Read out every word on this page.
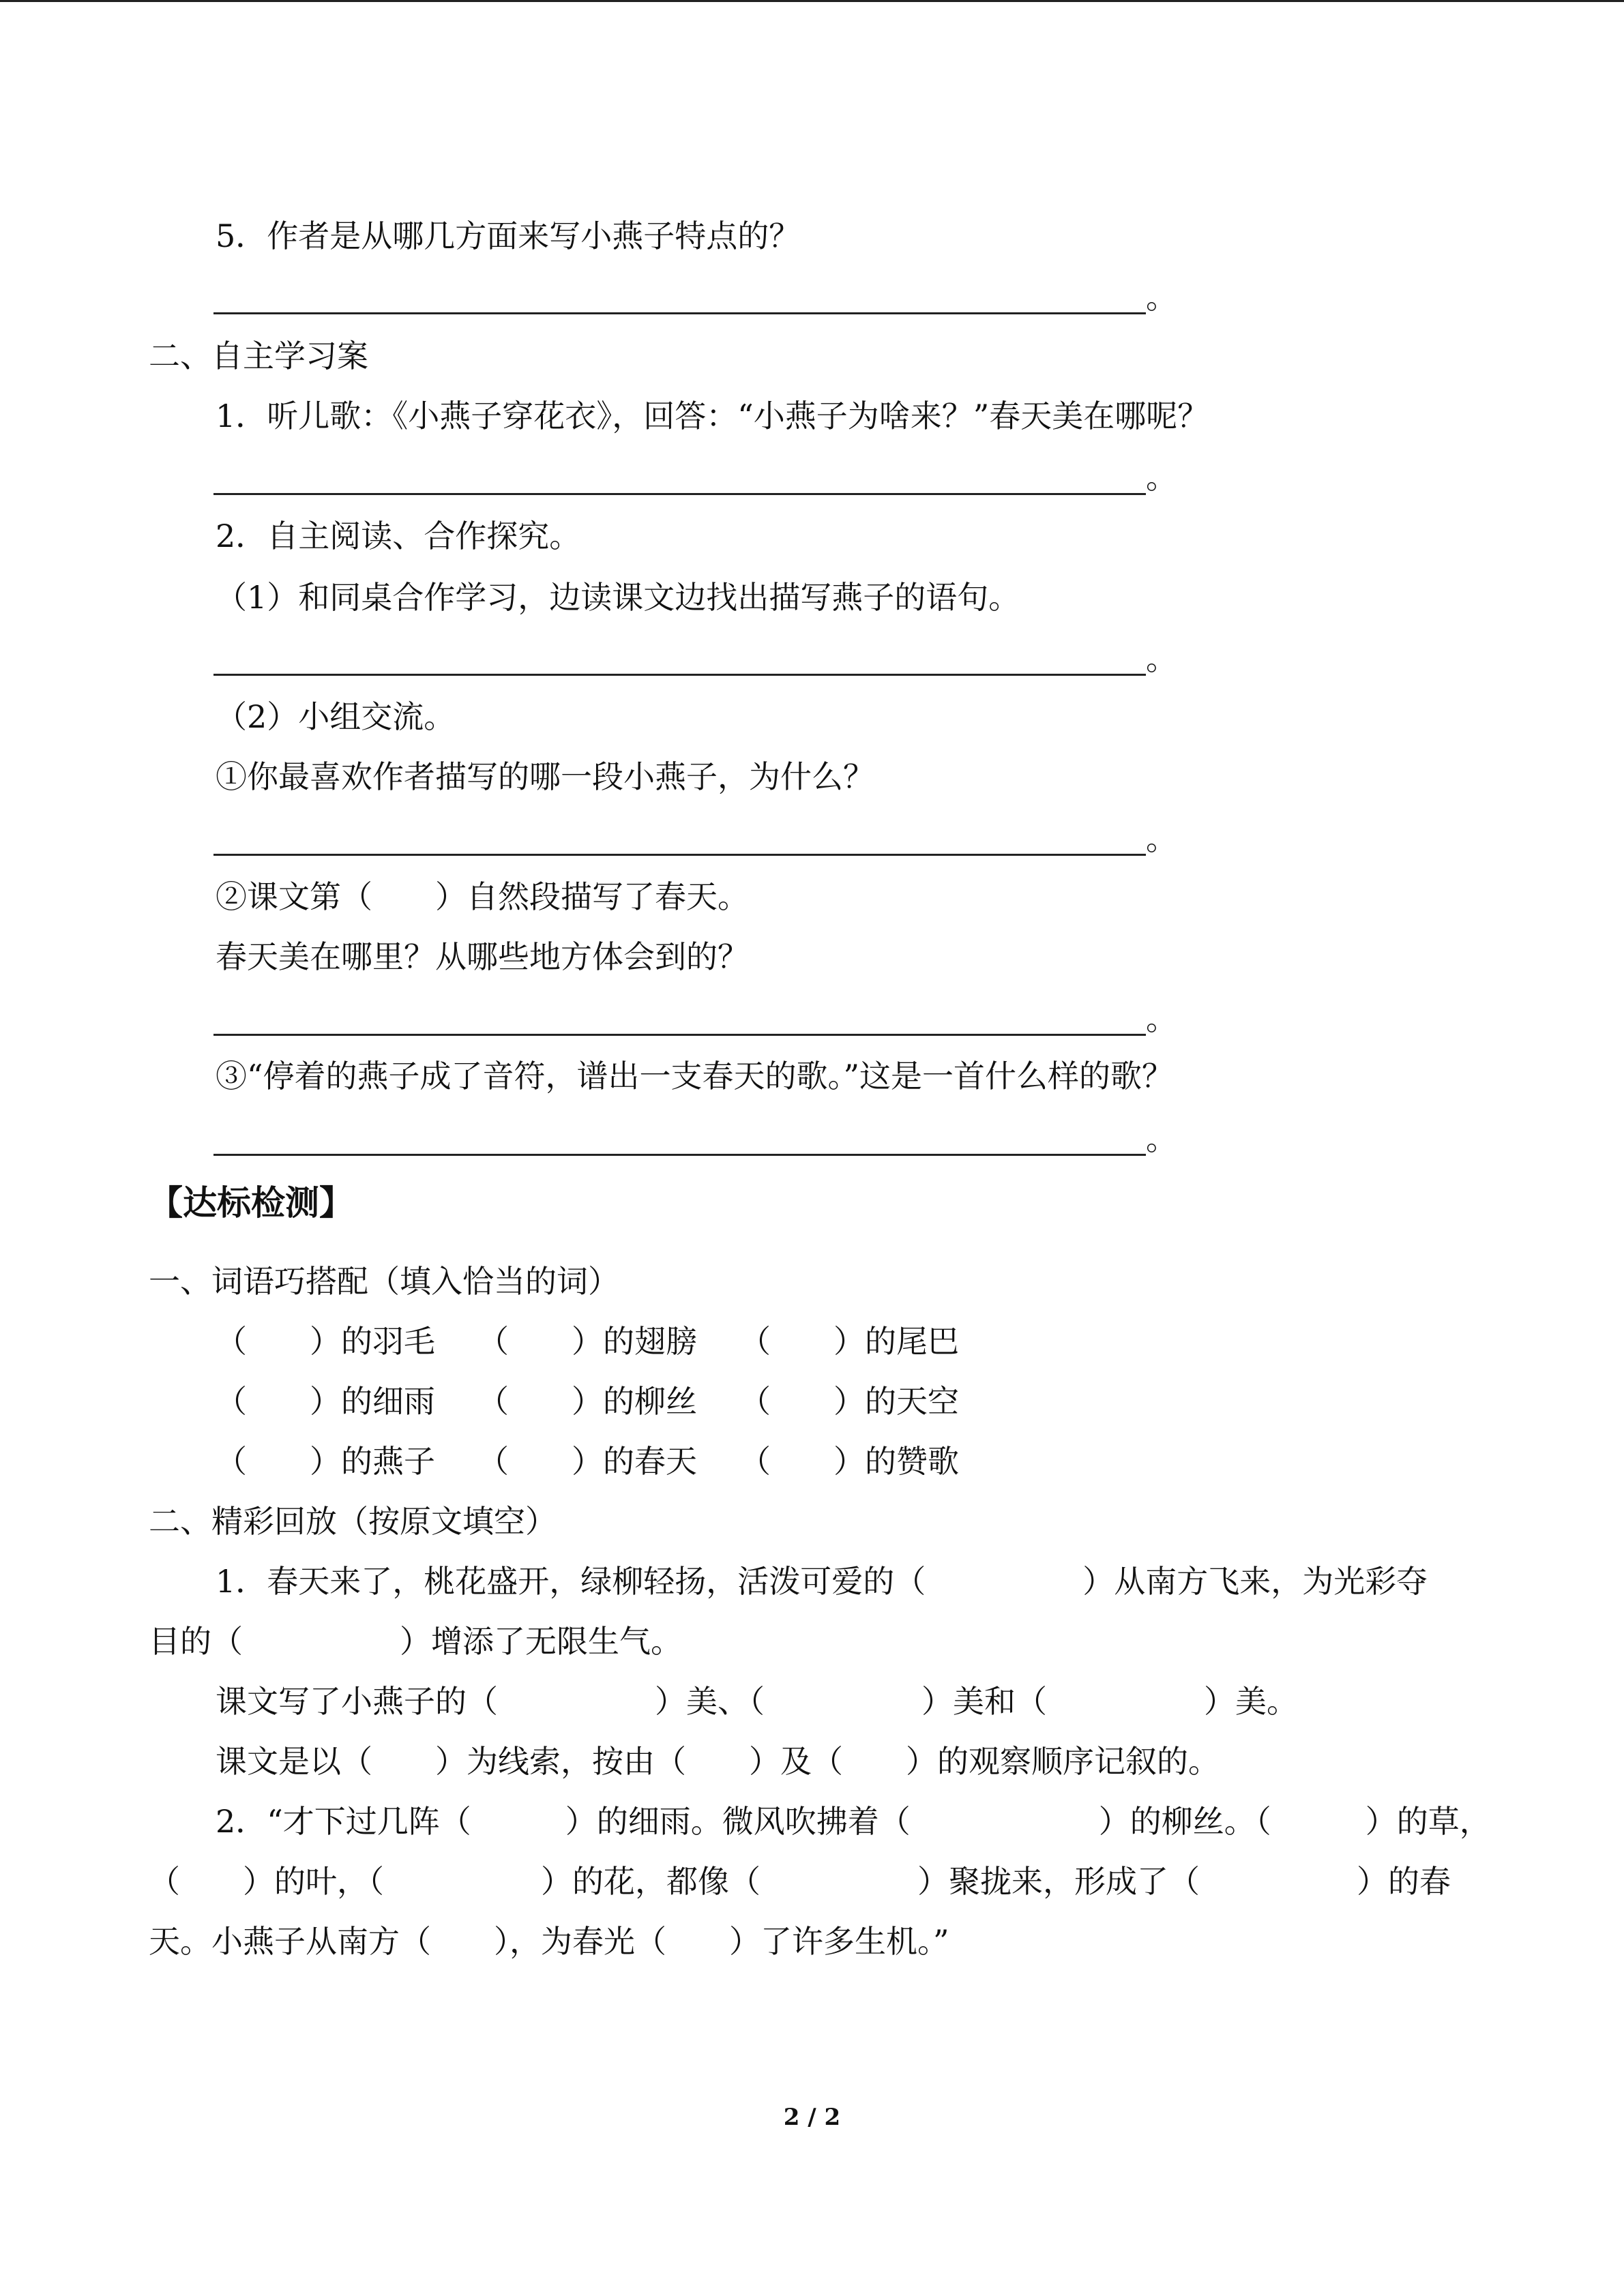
5．作者是从哪几方面来写小燕子特点的？

。

二、自主学习案

1．听儿歌：《小燕子穿花衣》，回答：“小燕子为啥来？”春天美在哪呢？

。

2．自主阅读、合作探究。

（1）和同桌合作学习，边读课文边找出描写燕子的语句。

。

（2）小组交流。

①你最喜欢作者描写的哪一段小燕子，为什么？

。

②课文第（　　）自然段描写了春天。

春天美在哪里？从哪些地方体会到的？

。

③“停着的燕子成了音符，谱出一支春天的歌。”这是一首什么样的歌？

。

【达标检测】

一、词语巧搭配（填入恰当的词）

（　　）的羽毛 （　　）的翅膀 （　　）的尾巴
（　　）的细雨 （　　）的柳丝 （　　）的天空
（　　）的燕子 （　　）的春天 （　　）的赞歌

二、精彩回放（按原文填空）

1．春天来了，桃花盛开，绿柳轻扬，活泼可爱的（　　　　　）从南方飞来，为光彩夺

目的（　　　　　）增添了无限生气。

课文写了小燕子的（　　　　　）美、（　　　　　）美和（　　　　　）美。

课文是以（　　）为线索，按由（　　）及（　　）的观察顺序记叙的。

2．“才下过几阵（　　　）的细雨。微风吹拂着（　　　　　　）的柳丝。（　　　）的草，

（　　）的叶，（　　　　　）的花，都像（　　　　　）聚拢来，形成了（　　　　　）的春

天。小燕子从南方（　　），为春光（　　）了许多生机。”

2 / 2
